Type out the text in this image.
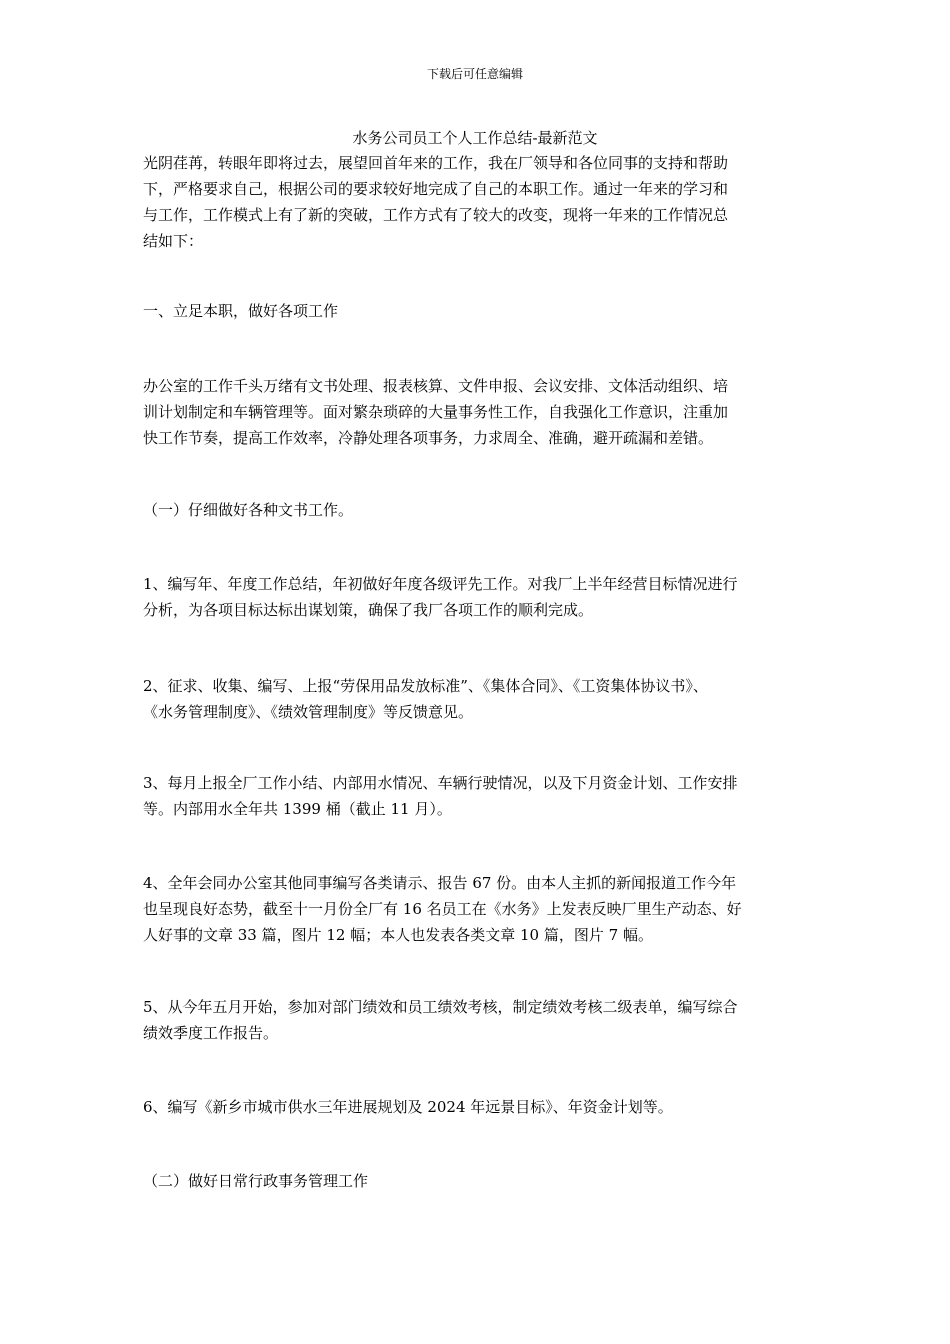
下载后可任意编辑
水务公司员工个人工作总结-最新范文

光阴荏苒，转眼年即将过去，展望回首年来的工作，我在厂领导和各位同事的支持和帮助
下，严格要求自己，根据公司的要求较好地完成了自己的本职工作。通过一年来的学习和
与工作，工作模式上有了新的突破，工作方式有了较大的改变，现将一年来的工作情况总
结如下：

一、立足本职，做好各项工作

办公室的工作千头万绪有文书处理、报表核算、文件申报、会议安排、文体活动组织、培
训计划制定和车辆管理等。面对繁杂琐碎的大量事务性工作，自我强化工作意识，注重加
快工作节奏，提高工作效率，冷静处理各项事务，力求周全、准确，避开疏漏和差错。

（一）仔细做好各种文书工作。

1、编写年、年度工作总结，年初做好年度各级评先工作。对我厂上半年经营目标情况进行
分析，为各项目标达标出谋划策，确保了我厂各项工作的顺利完成。

2、征求、收集、编写、上报“劳保用品发放标准”、《集体合同》、《工资集体协议书》、
《水务管理制度》、《绩效管理制度》等反馈意见。

3、每月上报全厂工作小结、内部用水情况、车辆行驶情况，以及下月资金计划、工作安排
等。内部用水全年共 1399 桶（截止 11 月）。

4、全年会同办公室其他同事编写各类请示、报告 67 份。由本人主抓的新闻报道工作今年
也呈现良好态势，截至十一月份全厂有 16 名员工在《水务》上发表反映厂里生产动态、好
人好事的文章 33 篇，图片 12 幅；本人也发表各类文章 10 篇，图片 7 幅。

5、从今年五月开始，参加对部门绩效和员工绩效考核，制定绩效考核二级表单，编写综合
绩效季度工作报告。

6、编写《新乡市城市供水三年进展规划及 2024 年远景目标》、年资金计划等。

（二）做好日常行政事务管理工作
